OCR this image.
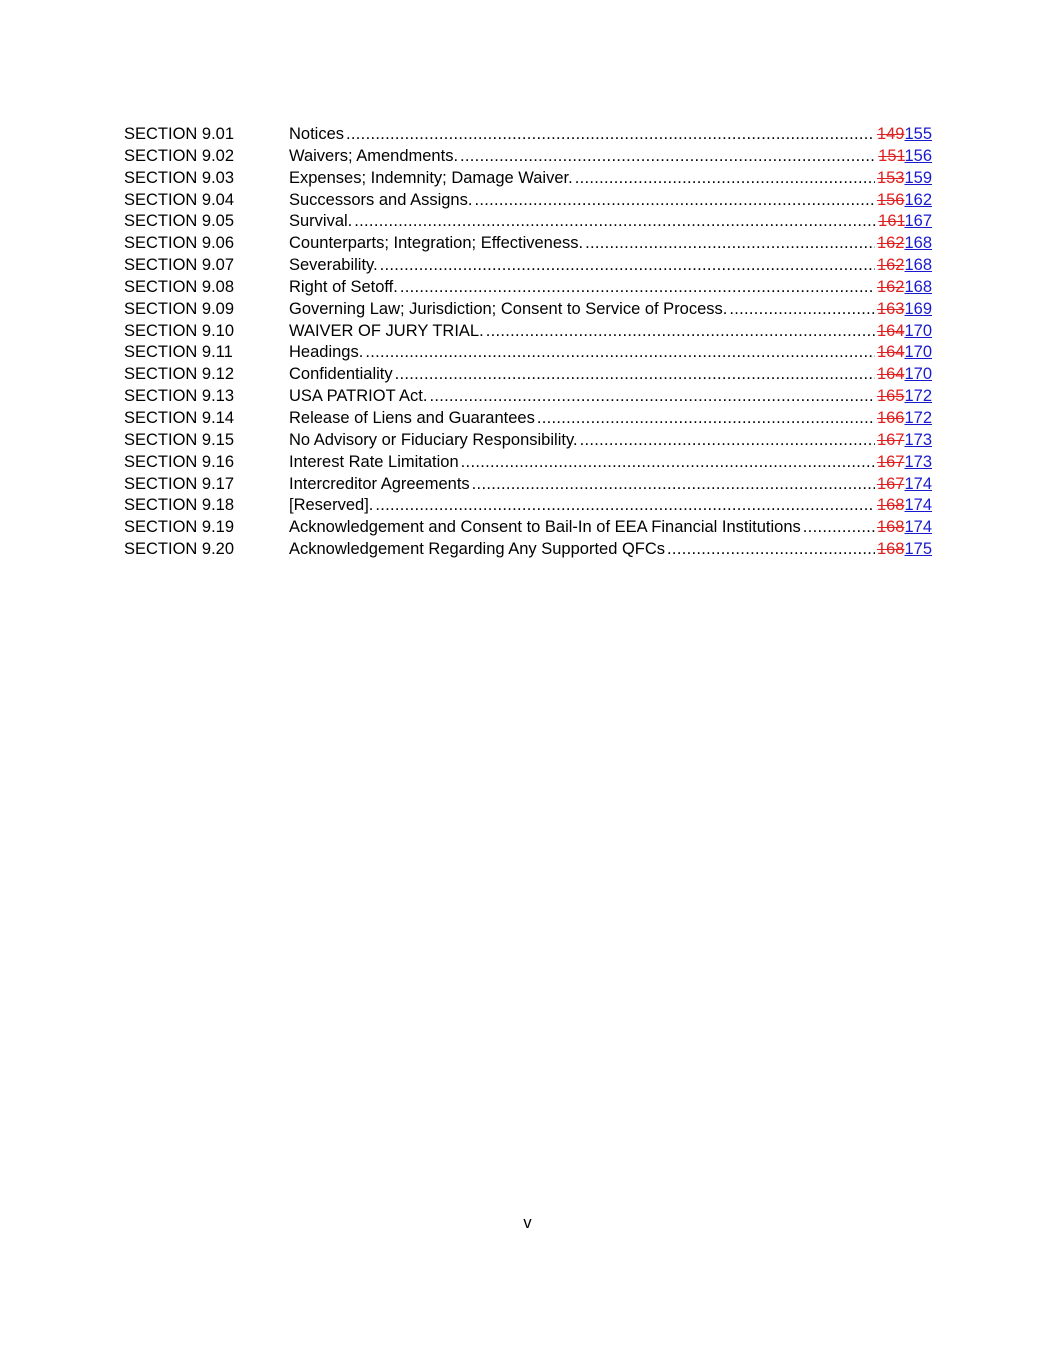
SECTION 9.01	Notices .....	149155
SECTION 9.02	Waivers; Amendments. .....	151156
SECTION 9.03	Expenses; Indemnity; Damage Waiver. .....	153159
SECTION 9.04	Successors and Assigns. .....	156162
SECTION 9.05	Survival. .....	161167
SECTION 9.06	Counterparts; Integration; Effectiveness. .....	162168
SECTION 9.07	Severability. .....	162168
SECTION 9.08	Right of Setoff. .....	162168
SECTION 9.09	Governing Law; Jurisdiction; Consent to Service of Process. .....	163169
SECTION 9.10	WAIVER OF JURY TRIAL. .....	164170
SECTION 9.11	Headings. .....	164170
SECTION 9.12	Confidentiality .....	164170
SECTION 9.13	USA PATRIOT Act. .....	165172
SECTION 9.14	Release of Liens and Guarantees .....	166172
SECTION 9.15	No Advisory or Fiduciary Responsibility. .....	167173
SECTION 9.16	Interest Rate Limitation .....	167173
SECTION 9.17	Intercreditor Agreements .....	167174
SECTION 9.18	[Reserved]. .....	168174
SECTION 9.19	Acknowledgement and Consent to Bail-In of EEA Financial Institutions .....	168174
SECTION 9.20	Acknowledgement Regarding Any Supported QFCs .....	168175
v
